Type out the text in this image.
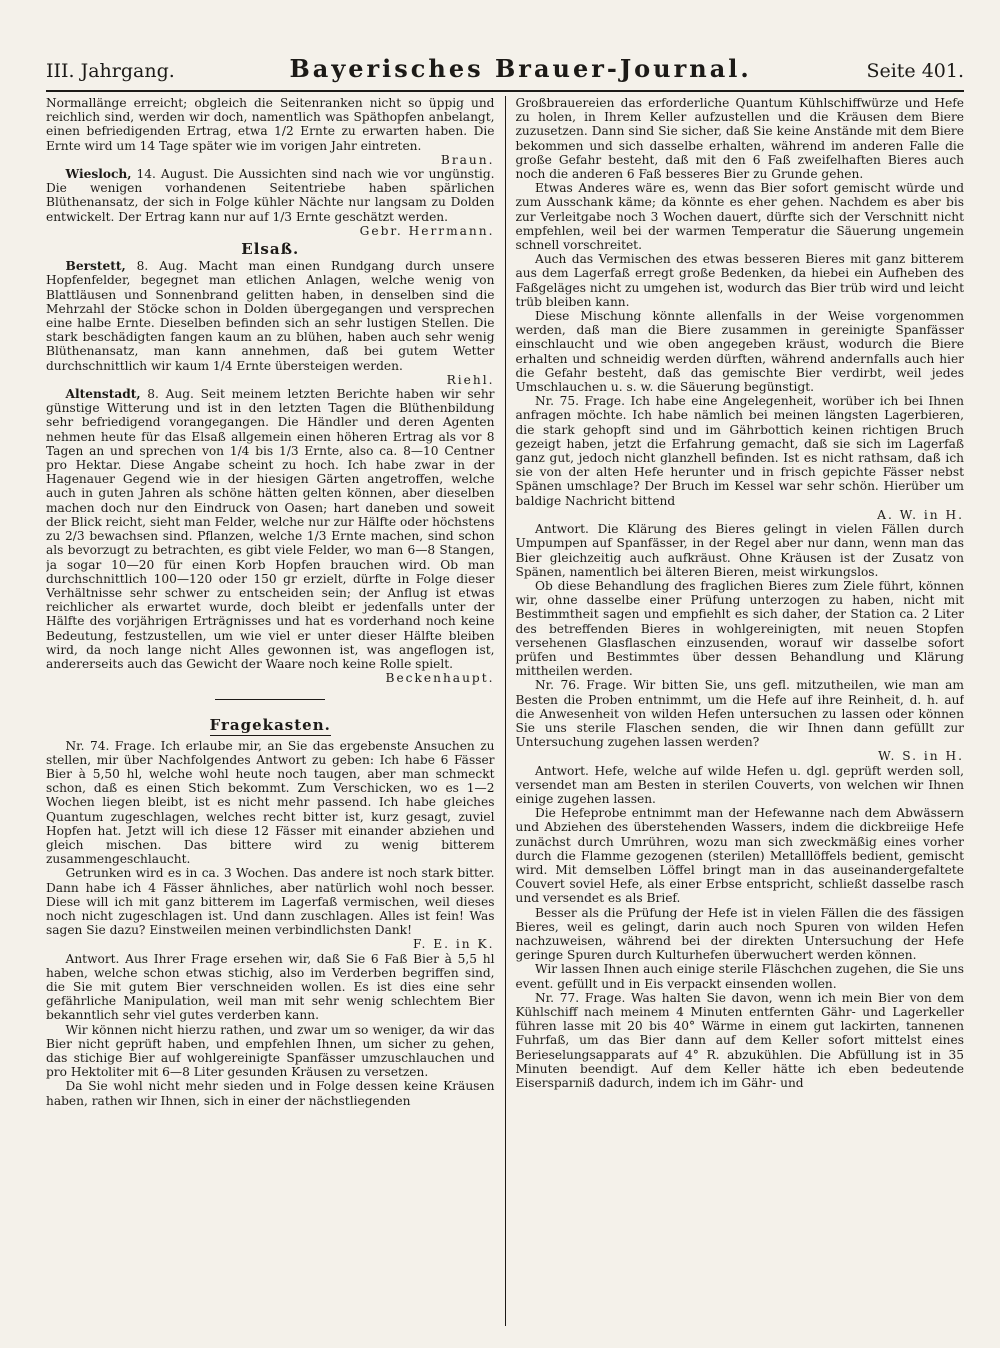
III. Jahrgang.	Bayerisches Brauer-Journal.	Seite 401.

Normallänge erreicht; obgleich die Seitenranken nicht so üppig und reichlich sind, werden wir doch, namentlich was Späthopfen anbelangt, einen befriedigenden Ertrag, etwa 1/2 Ernte zu erwarten haben. Die Ernte wird um 14 Tage später wie im vorigen Jahr eintreten.

Braun.

Wiesloch, 14. August. Die Aussichten sind nach wie vor ungünstig. Die wenigen vorhandenen Seitentriebe haben spärlichen Blüthenansatz, der sich in Folge kühler Nächte nur langsam zu Dolden entwickelt. Der Ertrag kann nur auf 1/3 Ernte geschätzt werden.

Gebr. Herrmann.

Elsaß.

Berstett, 8. Aug. Macht man einen Rundgang durch unsere Hopfenfelder, begegnet man etlichen Anlagen, welche wenig von Blattläusen und Sonnenbrand gelitten haben, in denselben sind die Mehrzahl der Stöcke schon in Dolden übergegangen und versprechen eine halbe Ernte. Dieselben befinden sich an sehr lustigen Stellen. Die stark beschädigten fangen kaum an zu blühen, haben auch sehr wenig Blüthenansatz, man kann annehmen, daß bei gutem Wetter durchschnittlich wir kaum 1/4 Ernte übersteigen werden.

Riehl.

Altenstadt, 8. Aug. Seit meinem letzten Berichte haben wir sehr günstige Witterung und ist in den letzten Tagen die Blüthenbildung sehr befriedigend vorangegangen. Die Händler und deren Agenten nehmen heute für das Elsaß allgemein einen höheren Ertrag als vor 8 Tagen an und sprechen von 1/4 bis 1/3 Ernte, also ca. 8—10 Centner pro Hektar. Diese Angabe scheint zu hoch. Ich habe zwar in der Hagenauer Gegend wie in der hiesigen Gärten angetroffen, welche auch in guten Jahren als schöne hätten gelten können, aber dieselben machen doch nur den Eindruck von Oasen; hart daneben und soweit der Blick reicht, sieht man Felder, welche nur zur Hälfte oder höchstens zu 2/3 bewachsen sind. Pflanzen, welche 1/3 Ernte machen, sind schon als bevorzugt zu betrachten, es gibt viele Felder, wo man 6—8 Stangen, ja sogar 10—20 für einen Korb Hopfen brauchen wird. Ob man durchschnittlich 100—120 oder 150 gr erzielt, dürfte in Folge dieser Verhältnisse sehr schwer zu entscheiden sein; der Anflug ist etwas reichlicher als erwartet wurde, doch bleibt er jedenfalls unter der Hälfte des vorjährigen Erträgnisses und hat es vorderhand noch keine Bedeutung, festzustellen, um wie viel er unter dieser Hälfte bleiben wird, da noch lange nicht Alles gewonnen ist, was angeflogen ist, andererseits auch das Gewicht der Waare noch keine Rolle spielt.

Beckenhaupt.

Fragekasten.

Nr. 74. Frage. Ich erlaube mir, an Sie das ergebenste Ansuchen zu stellen, mir über Nachfolgendes Antwort zu geben: Ich habe 6 Fässer Bier à 5,50 hl, welche wohl heute noch taugen, aber man schmeckt schon, daß es einen Stich bekommt. Zum Verschicken, wo es 1—2 Wochen liegen bleibt, ist es nicht mehr passend. Ich habe gleiches Quantum zugeschlagen, welches recht bitter ist, kurz gesagt, zuviel Hopfen hat. Jetzt will ich diese 12 Fässer mit einander abziehen und gleich mischen. Das bittere wird zu wenig bitterem zusammengeschlaucht.

Getrunken wird es in ca. 3 Wochen. Das andere ist noch stark bitter. Dann habe ich 4 Fässer ähnliches, aber natürlich wohl noch besser. Diese will ich mit ganz bitterem im Lagerfaß vermischen, weil dieses noch nicht zugeschlagen ist. Und dann zuschlagen. Alles ist fein! Was sagen Sie dazu? Einstweilen meinen verbindlichsten Dank!

F. E. in K.

Antwort. Aus Ihrer Frage ersehen wir, daß Sie 6 Faß Bier à 5,5 hl haben, welche schon etwas stichig, also im Verderben begriffen sind, die Sie mit gutem Bier verschneiden wollen. Es ist dies eine sehr gefährliche Manipulation, weil man mit sehr wenig schlechtem Bier bekanntlich sehr viel gutes verderben kann.

Wir können nicht hierzu rathen, und zwar um so weniger, da wir das Bier nicht geprüft haben, und empfehlen Ihnen, um sicher zu gehen, das stichige Bier auf wohlgereinigte Spanfässer umzuschlauchen und pro Hektoliter mit 6—8 Liter gesunden Kräusen zu versetzen.

Da Sie wohl nicht mehr sieden und in Folge dessen keine Kräusen haben, rathen wir Ihnen, sich in einer der nächstliegenden

Großbrauereien das erforderliche Quantum Kühlschiffwürze und Hefe zu holen, in Ihrem Keller aufzustellen und die Kräusen dem Biere zuzusetzen. Dann sind Sie sicher, daß Sie keine Anstände mit dem Biere bekommen und sich dasselbe erhalten, während im anderen Falle die große Gefahr besteht, daß mit den 6 Faß zweifelhaften Bieres auch noch die anderen 6 Faß besseres Bier zu Grunde gehen.

Etwas Anderes wäre es, wenn das Bier sofort gemischt würde und zum Ausschank käme; da könnte es eher gehen. Nachdem es aber bis zur Verleitgabe noch 3 Wochen dauert, dürfte sich der Verschnitt nicht empfehlen, weil bei der warmen Temperatur die Säuerung ungemein schnell vorschreitet.

Auch das Vermischen des etwas besseren Bieres mit ganz bitterem aus dem Lagerfaß erregt große Bedenken, da hiebei ein Aufheben des Faßgeläges nicht zu umgehen ist, wodurch das Bier trüb wird und leicht trüb bleiben kann.

Diese Mischung könnte allenfalls in der Weise vorgenommen werden, daß man die Biere zusammen in gereinigte Spanfässer einschlaucht und wie oben angegeben kräust, wodurch die Biere erhalten und schneidig werden dürften, während andernfalls auch hier die Gefahr besteht, daß das gemischte Bier verdirbt, weil jedes Umschlauchen u. s. w. die Säuerung begünstigt.

Nr. 75. Frage. Ich habe eine Angelegenheit, worüber ich bei Ihnen anfragen möchte. Ich habe nämlich bei meinen längsten Lagerbieren, die stark gehopft sind und im Gährbottich keinen richtigen Bruch gezeigt haben, jetzt die Erfahrung gemacht, daß sie sich im Lagerfaß ganz gut, jedoch nicht glanzhell befinden. Ist es nicht rathsam, daß ich sie von der alten Hefe herunter und in frisch gepichte Fässer nebst Spänen umschlage? Der Bruch im Kessel war sehr schön. Hierüber um baldige Nachricht bittend

A. W. in H.

Antwort. Die Klärung des Bieres gelingt in vielen Fällen durch Umpumpen auf Spanfässer, in der Regel aber nur dann, wenn man das Bier gleichzeitig auch aufkräust. Ohne Kräusen ist der Zusatz von Spänen, namentlich bei älteren Bieren, meist wirkungslos.

Ob diese Behandlung des fraglichen Bieres zum Ziele führt, können wir, ohne dasselbe einer Prüfung unterzogen zu haben, nicht mit Bestimmtheit sagen und empfiehlt es sich daher, der Station ca. 2 Liter des betreffenden Bieres in wohlgereinigten, mit neuen Stopfen versehenen Glasflaschen einzusenden, worauf wir dasselbe sofort prüfen und Bestimmtes über dessen Behandlung und Klärung mittheilen werden.

Nr. 76. Frage. Wir bitten Sie, uns gefl. mitzutheilen, wie man am Besten die Proben entnimmt, um die Hefe auf ihre Reinheit, d. h. auf die Anwesenheit von wilden Hefen untersuchen zu lassen oder können Sie uns sterile Flaschen senden, die wir Ihnen dann gefüllt zur Untersuchung zugehen lassen werden?

W. S. in H.

Antwort. Hefe, welche auf wilde Hefen u. dgl. geprüft werden soll, versendet man am Besten in sterilen Couverts, von welchen wir Ihnen einige zugehen lassen.

Die Hefeprobe entnimmt man der Hefewanne nach dem Abwässern und Abziehen des überstehenden Wassers, indem die dickbreiige Hefe zunächst durch Umrühren, wozu man sich zweckmäßig eines vorher durch die Flamme gezogenen (sterilen) Metalllöffels bedient, gemischt wird. Mit demselben Löffel bringt man in das auseinandergefaltete Couvert soviel Hefe, als einer Erbse entspricht, schließt dasselbe rasch und versendet es als Brief.

Besser als die Prüfung der Hefe ist in vielen Fällen die des fässigen Bieres, weil es gelingt, darin auch noch Spuren von wilden Hefen nachzuweisen, während bei der direkten Untersuchung der Hefe geringe Spuren durch Kulturhefen überwuchert werden können.

Wir lassen Ihnen auch einige sterile Fläschchen zugehen, die Sie uns event. gefüllt und in Eis verpackt einsenden wollen.

Nr. 77. Frage. Was halten Sie davon, wenn ich mein Bier von dem Kühlschiff nach meinem 4 Minuten entfernten Gähr- und Lagerkeller führen lasse mit 20 bis 40° Wärme in einem gut lackirten, tannenen Fuhrfaß, um das Bier dann auf dem Keller sofort mittelst eines Berieselungsapparats auf 4° R. abzukühlen. Die Abfüllung ist in 35 Minuten beendigt. Auf dem Keller hätte ich eben bedeutende Eisersparniß dadurch, indem ich im Gähr- und
